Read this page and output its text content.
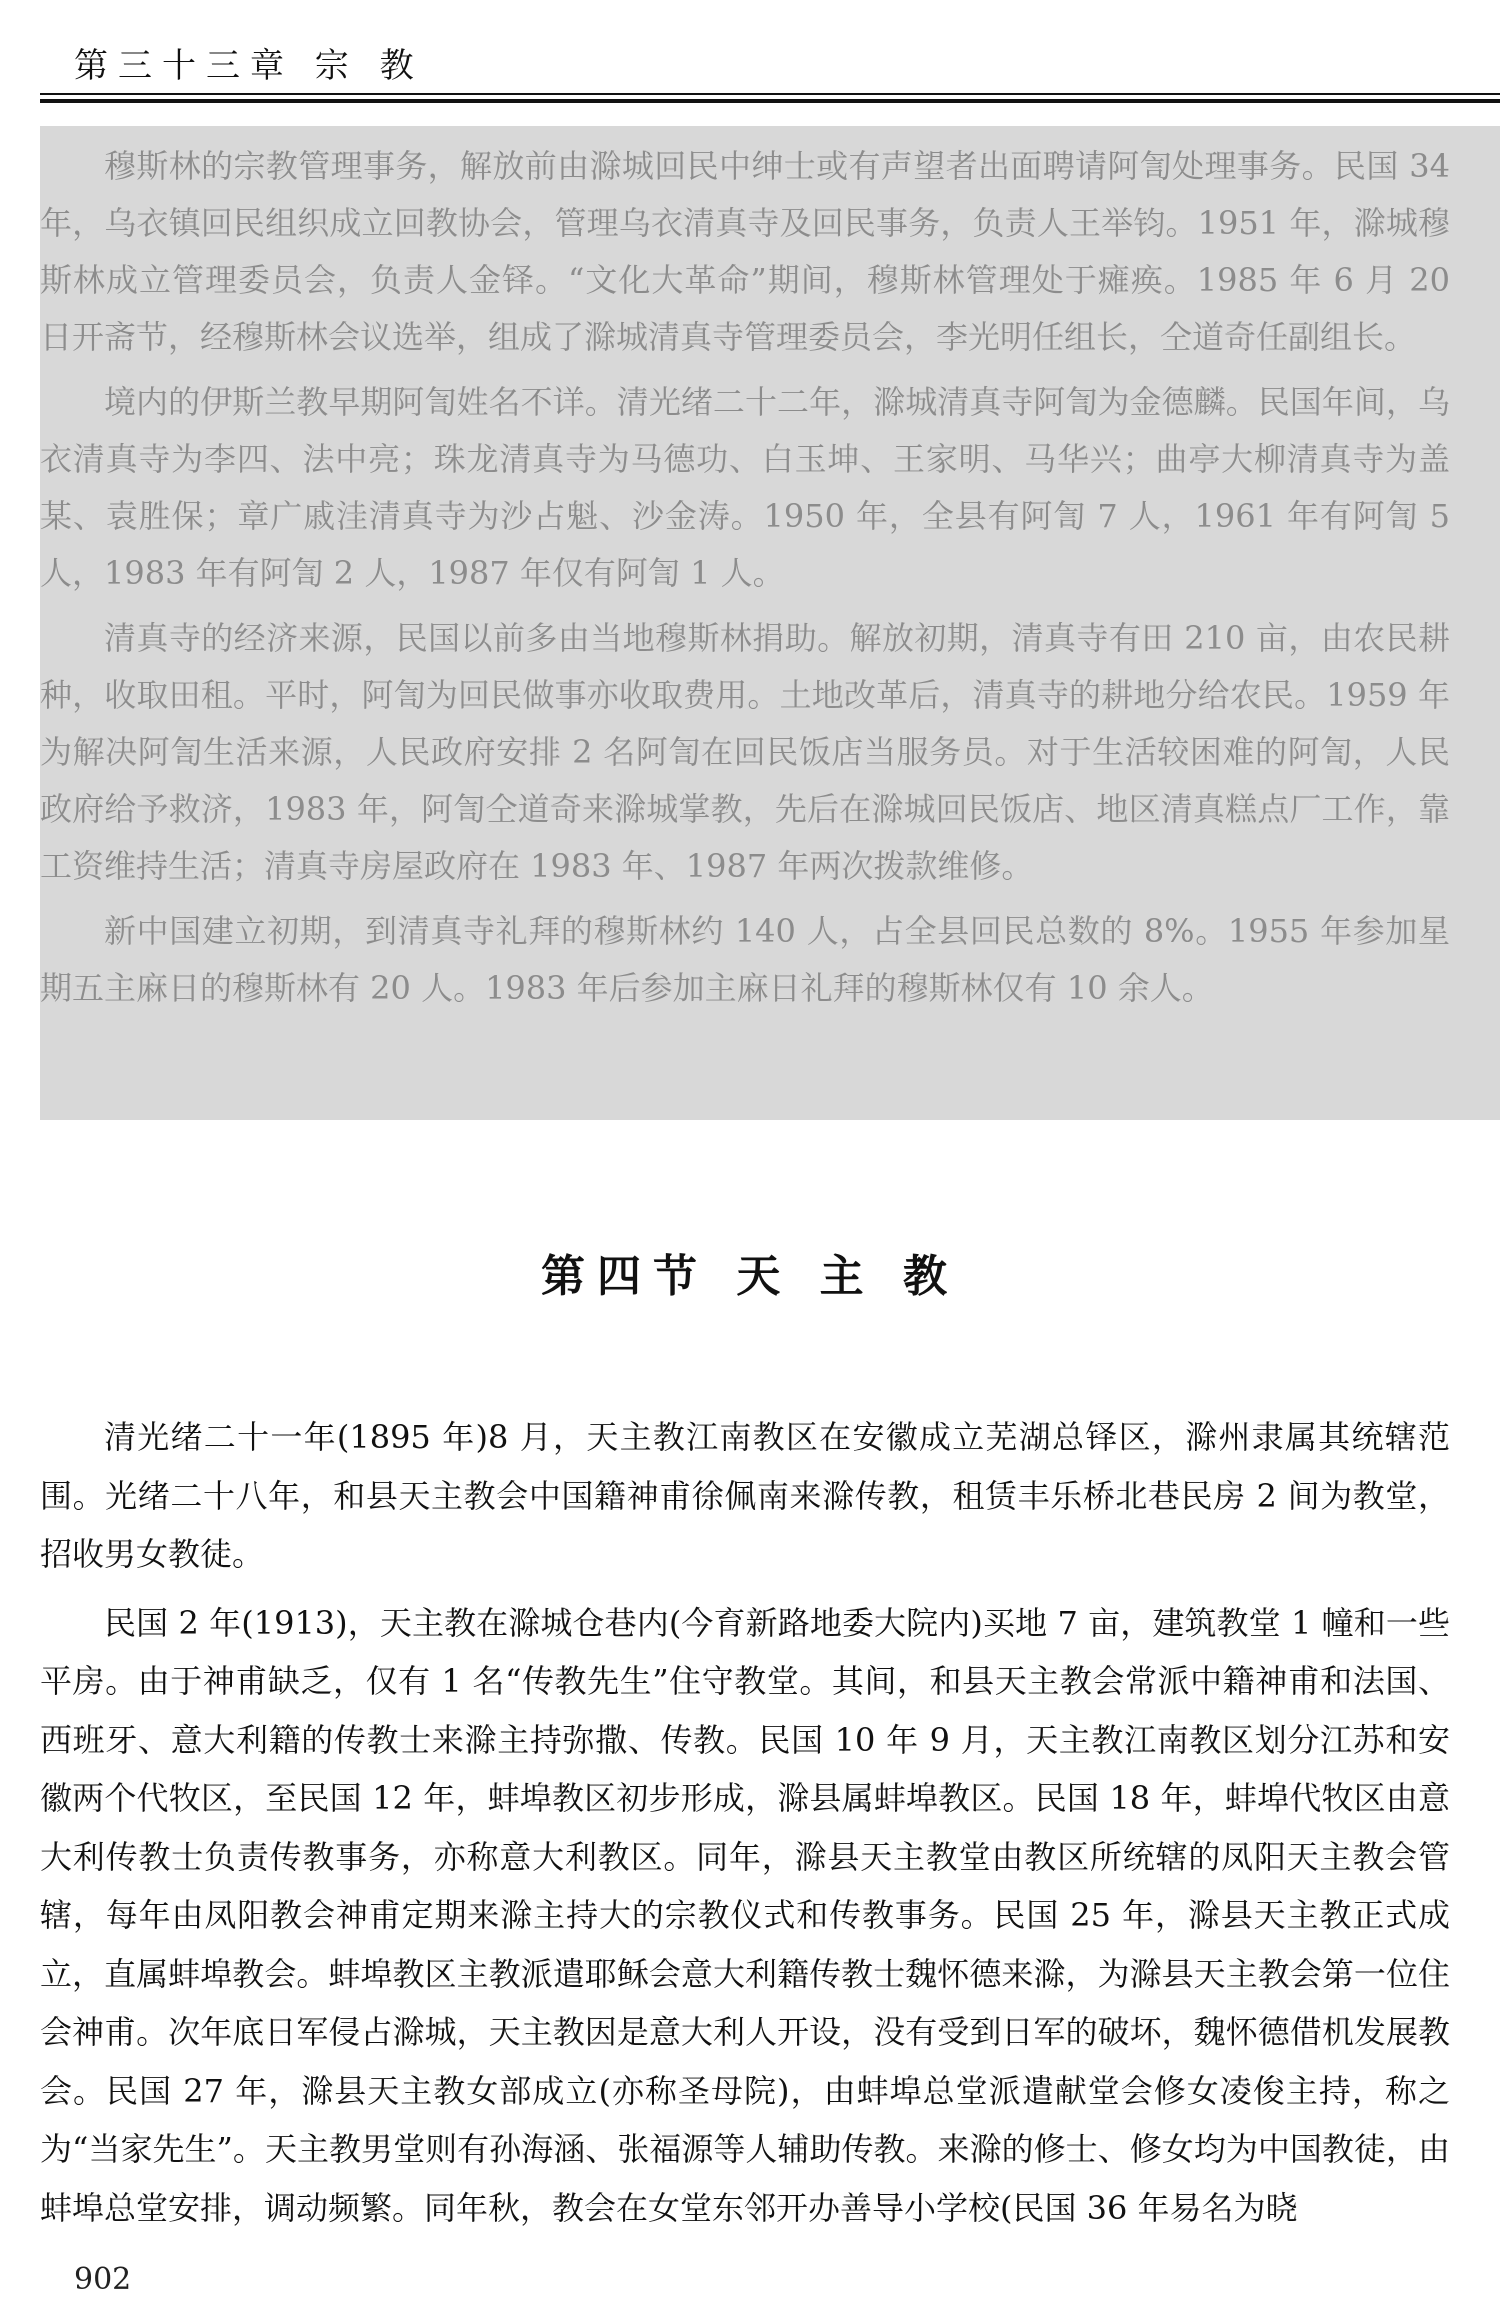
第三十三章 宗 教

穆斯林的宗教管理事务，解放前由滁城回民中绅士或有声望者出面聘请阿訇处理事务。民国 34 年，乌衣镇回民组织成立回教协会，管理乌衣清真寺及回民事务，负责人王举钧。1951 年，滁城穆斯林成立管理委员会，负责人金铎。“文化大革命”期间，穆斯林管理处于瘫痪。1985 年 6 月 20 日开斋节，经穆斯林会议选举，组成了滁城清真寺管理委员会，李光明任组长，仝道奇任副组长。

境内的伊斯兰教早期阿訇姓名不详。清光绪二十二年，滁城清真寺阿訇为金德麟。民国年间，乌衣清真寺为李四、法中亮；珠龙清真寺为马德功、白玉坤、王家明、马华兴；曲亭大柳清真寺为盖某、袁胜保；章广戚洼清真寺为沙占魁、沙金涛。1950 年，全县有阿訇 7 人，1961 年有阿訇 5 人，1983 年有阿訇 2 人，1987 年仅有阿訇 1 人。

清真寺的经济来源，民国以前多由当地穆斯林捐助。解放初期，清真寺有田 210 亩，由农民耕种，收取田租。平时，阿訇为回民做事亦收取费用。土地改革后，清真寺的耕地分给农民。1959 年为解决阿訇生活来源，人民政府安排 2 名阿訇在回民饭店当服务员。对于生活较困难的阿訇，人民政府给予救济，1983 年，阿訇仝道奇来滁城掌教，先后在滁城回民饭店、地区清真糕点厂工作，靠工资维持生活；清真寺房屋政府在 1983 年、1987 年两次拨款维修。

新中国建立初期，到清真寺礼拜的穆斯林约 140 人，占全县回民总数的 8%。1955 年参加星期五主麻日的穆斯林有 20 人。1983 年后参加主麻日礼拜的穆斯林仅有 10 余人。

第四节 天 主 教

清光绪二十一年(1895 年)8 月，天主教江南教区在安徽成立芜湖总铎区，滁州隶属其统辖范围。光绪二十八年，和县天主教会中国籍神甫徐佩南来滁传教，租赁丰乐桥北巷民房 2 间为教堂，招收男女教徒。

民国 2 年(1913)，天主教在滁城仓巷内(今育新路地委大院内)买地 7 亩，建筑教堂 1 幢和一些平房。由于神甫缺乏，仅有 1 名“传教先生”住守教堂。其间，和县天主教会常派中籍神甫和法国、西班牙、意大利籍的传教士来滁主持弥撒、传教。民国 10 年 9 月，天主教江南教区划分江苏和安徽两个代牧区，至民国 12 年，蚌埠教区初步形成，滁县属蚌埠教区。民国 18 年，蚌埠代牧区由意大利传教士负责传教事务，亦称意大利教区。同年，滁县天主教堂由教区所统辖的凤阳天主教会管辖，每年由凤阳教会神甫定期来滁主持大的宗教仪式和传教事务。民国 25 年，滁县天主教正式成立，直属蚌埠教会。蚌埠教区主教派遣耶稣会意大利籍传教士魏怀德来滁，为滁县天主教会第一位住会神甫。次年底日军侵占滁城，天主教因是意大利人开设，没有受到日军的破坏，魏怀德借机发展教会。民国 27 年，滁县天主教女部成立(亦称圣母院)，由蚌埠总堂派遣献堂会修女凌俊主持，称之为“当家先生”。天主教男堂则有孙海涵、张福源等人辅助传教。来滁的修士、修女均为中国教徒，由蚌埠总堂安排，调动频繁。同年秋，教会在女堂东邻开办善导小学校(民国 36 年易名为晓

902
